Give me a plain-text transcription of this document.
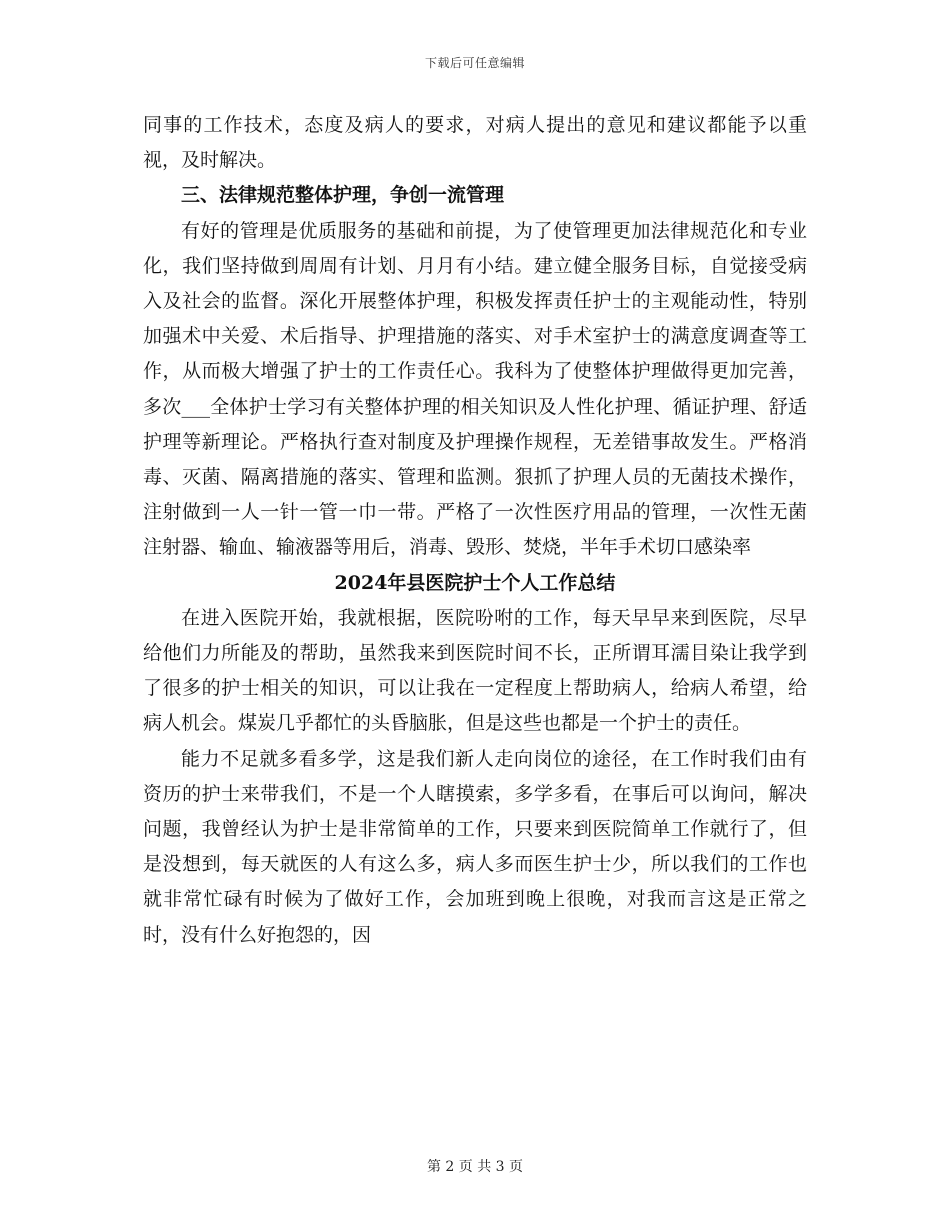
下载后可任意编辑

同事的工作技术，态度及病人的要求，对病人提出的意见和建议都能予以重视，及时解决。

三、法律规范整体护理，争创一流管理

有好的管理是优质服务的基础和前提，为了使管理更加法律规范化和专业化，我们坚持做到周周有计划、月月有小结。建立健全服务目标，自觉接受病入及社会的监督。深化开展整体护理，积极发挥责任护士的主观能动性，特别加强术中关爱、术后指导、护理措施的落实、对手术室护士的满意度调查等工作，从而极大增强了护士的工作责任心。我科为了使整体护理做得更加完善，多次___全体护士学习有关整体护理的相关知识及人性化护理、循证护理、舒适护理等新理论。严格执行查对制度及护理操作规程，无差错事故发生。严格消毒、灭菌、隔离措施的落实、管理和监测。狠抓了护理人员的无菌技术操作，注射做到一人一针一管一巾一带。严格了一次性医疗用品的管理，一次性无菌注射器、输血、输液器等用后，消毒、毁形、焚烧，半年手术切口感染率

2024年县医院护士个人工作总结

在进入医院开始，我就根据，医院吩咐的工作，每天早早来到医院，尽早给他们力所能及的帮助，虽然我来到医院时间不长，正所谓耳濡目染让我学到了很多的护士相关的知识，可以让我在一定程度上帮助病人，给病人希望，给病人机会。煤炭几乎都忙的头昏脑胀，但是这些也都是一个护士的责任。

能力不足就多看多学，这是我们新人走向岗位的途径，在工作时我们由有资历的护士来带我们，不是一个人瞎摸索，多学多看，在事后可以询问，解决问题，我曾经认为护士是非常简单的工作，只要来到医院简单工作就行了，但是没想到，每天就医的人有这么多，病人多而医生护士少，所以我们的工作也就非常忙碌有时候为了做好工作，会加班到晚上很晚，对我而言这是正常之时，没有什么好抱怨的，因

第 2 页 共 3 页
